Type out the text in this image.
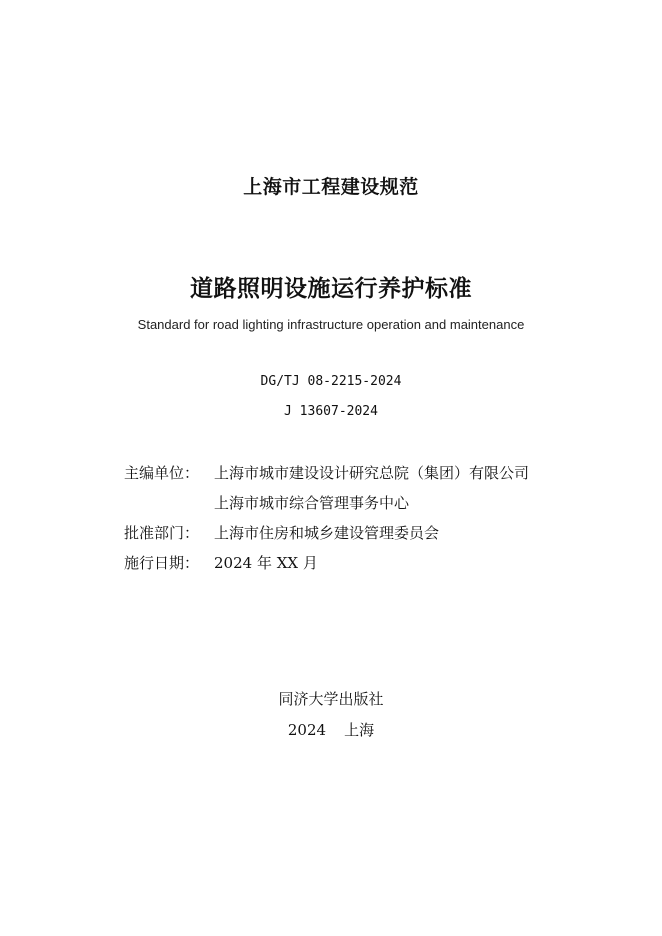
上海市工程建设规范
道路照明设施运行养护标准
Standard for road lighting infrastructure operation and maintenance
DG/TJ 08-2215-2024
J 13607-2024
主编单位： 上海市城市建设设计研究总院（集团）有限公司
上海市城市综合管理事务中心
批准部门： 上海市住房和城乡建设管理委员会
施行日期： 2024 年 XX 月
同济大学出版社
2024 上海
